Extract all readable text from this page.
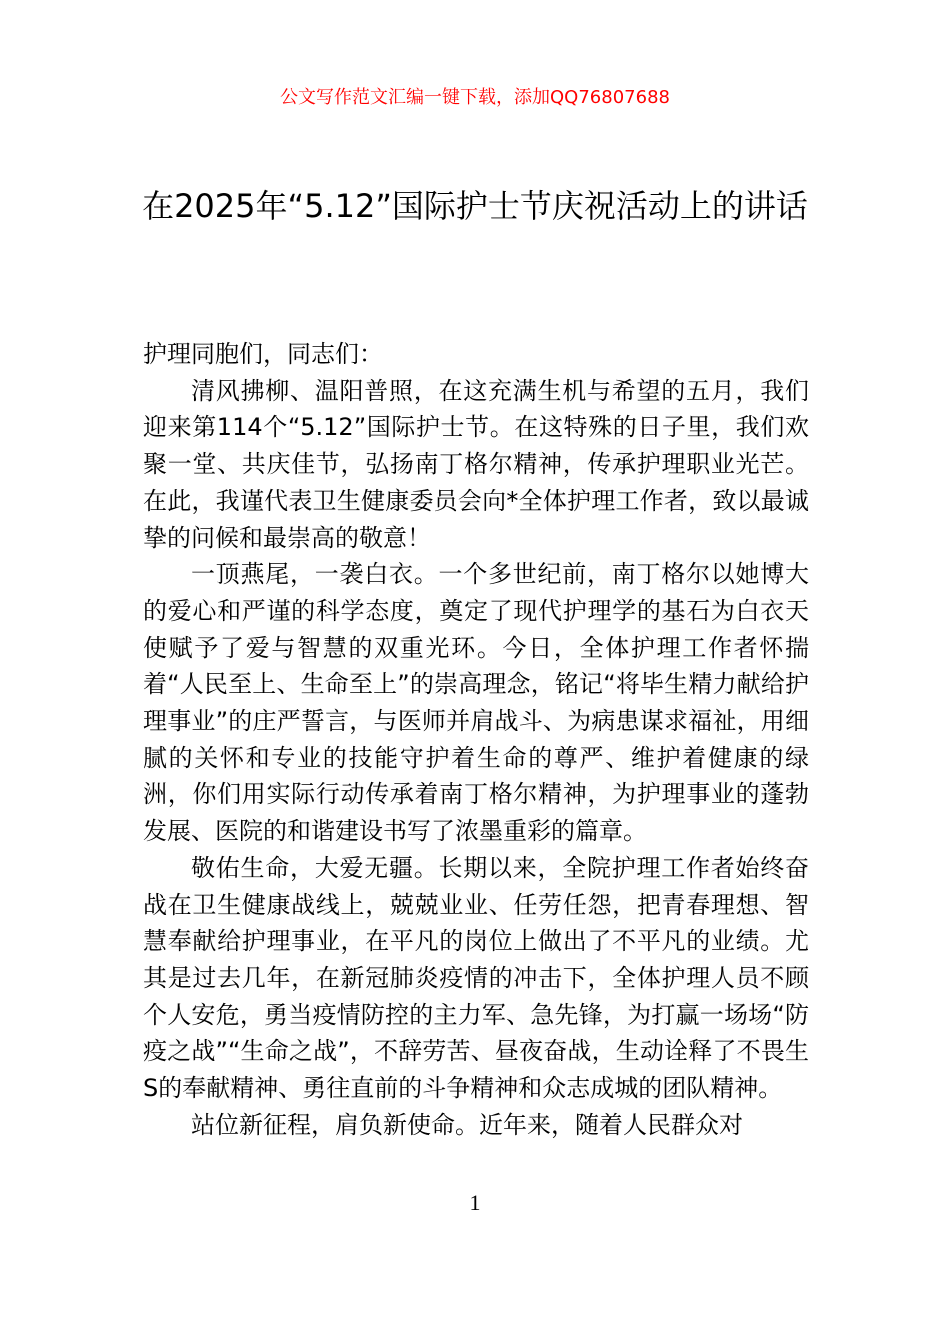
公文写作范文汇编一键下载，添加QQ76807688
在2025年“5.12”国际护士节庆祝活动上的讲话

护理同胞们，同志们：

清风拂柳、温阳普照，在这充满生机与希望的五月，我们迎来第114个“5.12”国际护士节。在这特殊的日子里，我们欢聚一堂、共庆佳节，弘扬南丁格尔精神，传承护理职业光芒。在此，我谨代表卫生健康委员会向*全体护理工作者，致以最诚挚的问候和最崇高的敬意！

一顶燕尾，一袭白衣。一个多世纪前，南丁格尔以她博大的爱心和严谨的科学态度，奠定了现代护理学的基石为白衣天使赋予了爱与智慧的双重光环。今日，全体护理工作者怀揣着“人民至上、生命至上”的崇高理念，铭记“将毕生精力献给护理事业”的庄严誓言，与医师并肩战斗、为病患谋求福祉，用细腻的关怀和专业的技能守护着生命的尊严、维护着健康的绿洲，你们用实际行动传承着南丁格尔精神，为护理事业的蓬勃发展、医院的和谐建设书写了浓墨重彩的篇章。

敬佑生命，大爱无疆。长期以来，全院护理工作者始终奋战在卫生健康战线上，兢兢业业、任劳任怨，把青春理想、智慧奉献给护理事业，在平凡的岗位上做出了不平凡的业绩。尤其是过去几年，在新冠肺炎疫情的冲击下，全体护理人员不顾个人安危，勇当疫情防控的主力军、急先锋，为打赢一场场“防疫之战”“生命之战”，不辞劳苦、昼夜奋战，生动诠释了不畏生S的奉献精神、勇往直前的斗争精神和众志成城的团队精神。

站位新征程，肩负新使命。近年来，随着人民群众对

1
